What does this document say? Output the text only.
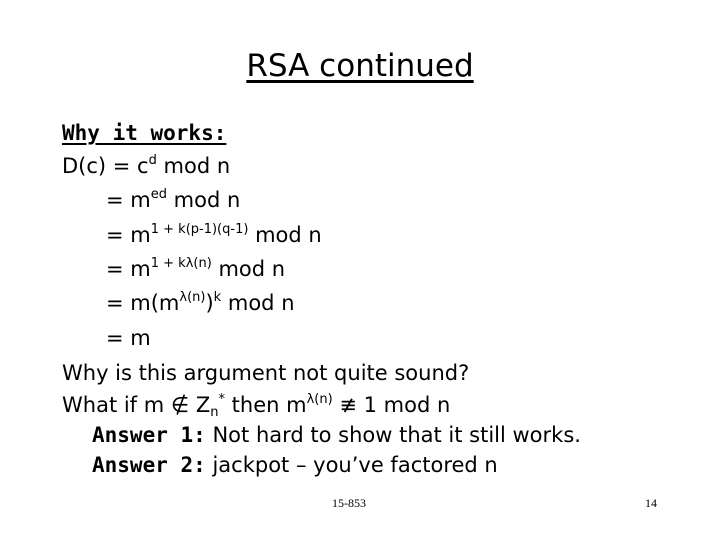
RSA continued
Why it works:
$D(c) = c^d$ mod n
= $m^{ed}$ mod n
= $m^{1 + k(p-1)(q-1)}$ mod n
= $m^{1 + k\lambda(n)}$ mod n
= $m(m^{\lambda(n)})^k$ mod n
= m
Why is this argument not quite sound?
What if m ∉ $Z_n^*$ then $m^{\lambda(n)}$ ≢ 1 mod n
Answer 1: Not hard to show that it still works.
Answer 2: jackpot – you’ve factored n
15-853	14
